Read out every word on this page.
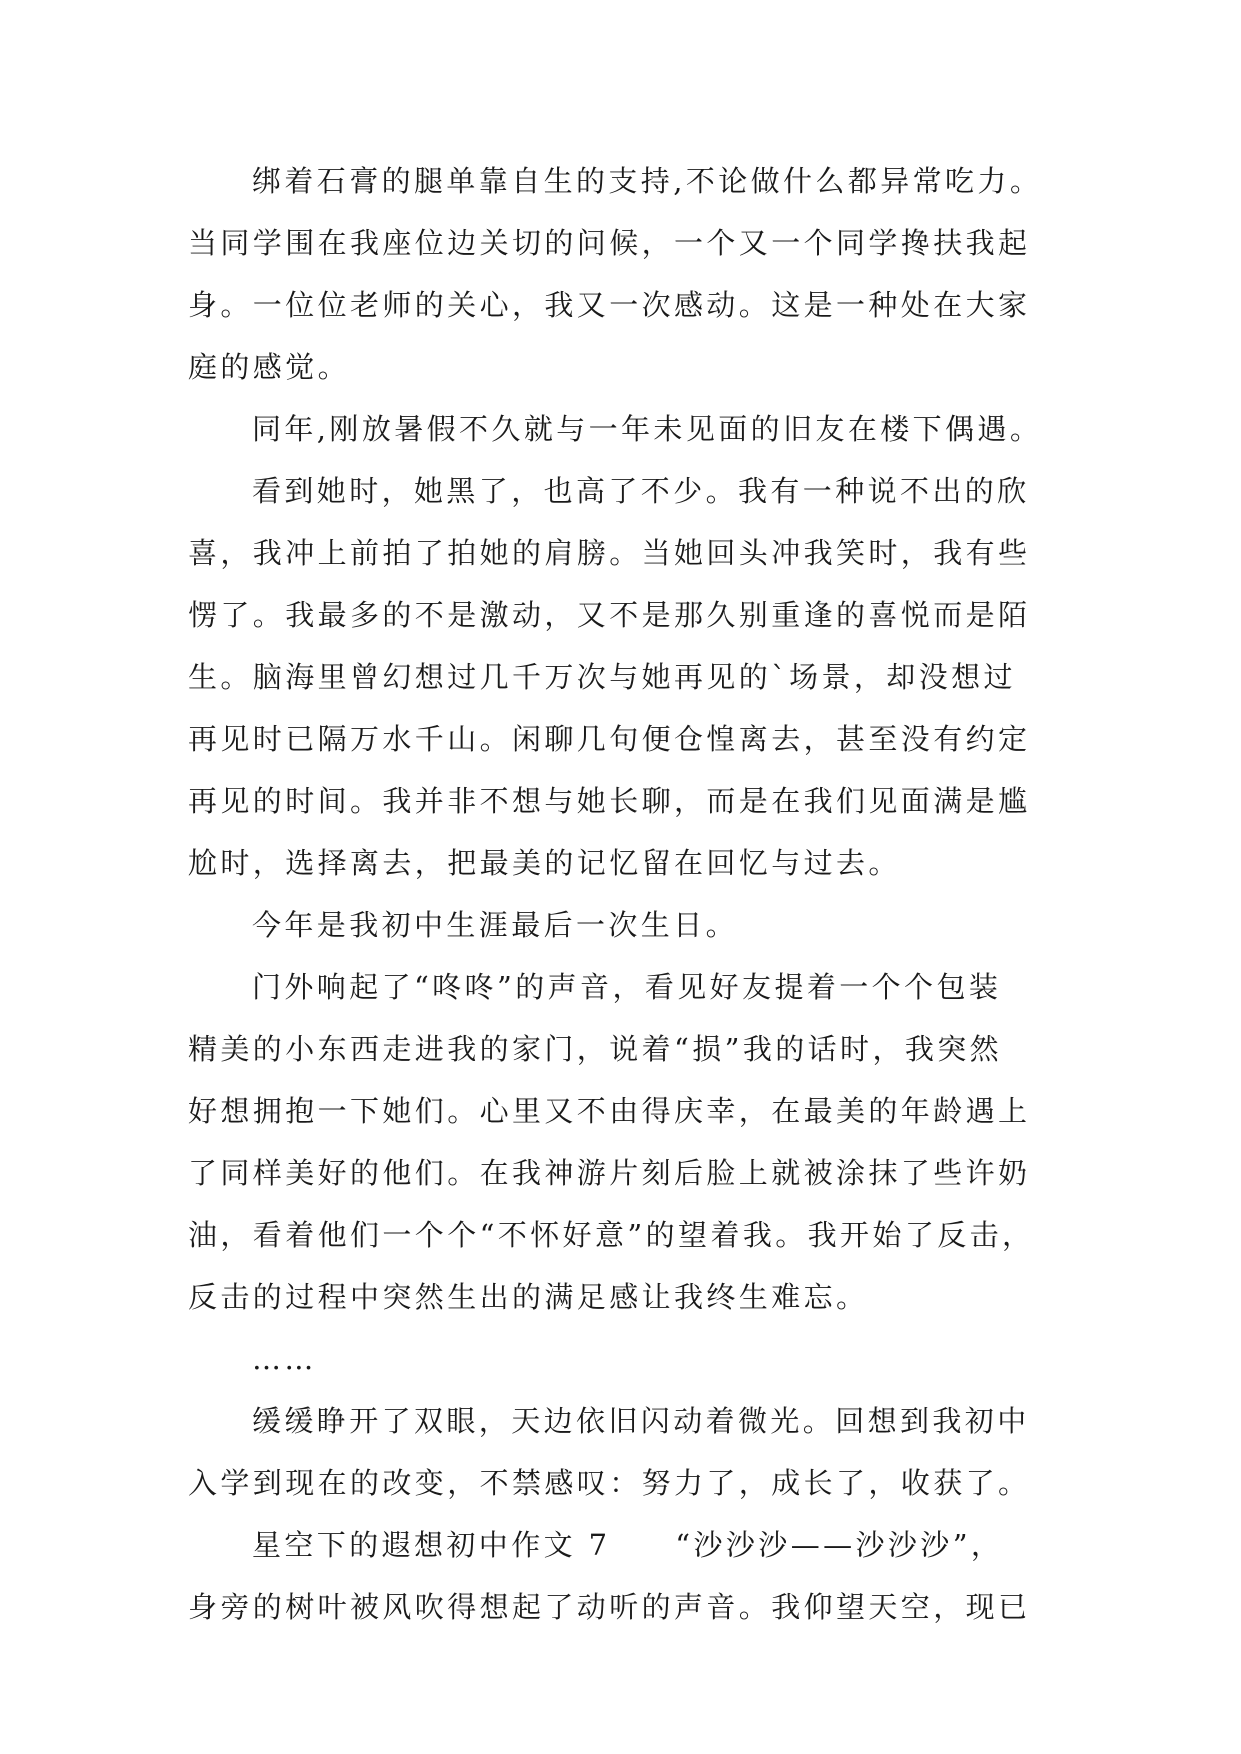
绑着石膏的腿单靠自生的支持,不论做什么都异常吃力。
当同学围在我座位边关切的问候，一个又一个同学搀扶我起
身。一位位老师的关心，我又一次感动。这是一种处在大家
庭的感觉。
同年,刚放暑假不久就与一年未见面的旧友在楼下偶遇。
看到她时，她黑了，也高了不少。我有一种说不出的欣
喜，我冲上前拍了拍她的肩膀。当她回头冲我笑时，我有些
愣了。我最多的不是激动，又不是那久别重逢的喜悦而是陌
生。脑海里曾幻想过几千万次与她再见的`场景，却没想过
再见时已隔万水千山。闲聊几句便仓惶离去，甚至没有约定
再见的时间。我并非不想与她长聊，而是在我们见面满是尴
尬时，选择离去，把最美的记忆留在回忆与过去。
今年是我初中生涯最后一次生日。
门外响起了“咚咚”的声音，看见好友提着一个个包装
精美的小东西走进我的家门，说着“损”我的话时，我突然
好想拥抱一下她们。心里又不由得庆幸，在最美的年龄遇上
了同样美好的他们。在我神游片刻后脸上就被涂抹了些许奶
油，看着他们一个个“不怀好意”的望着我。我开始了反击，
反击的过程中突然生出的满足感让我终生难忘。
……
缓缓睁开了双眼，天边依旧闪动着微光。回想到我初中
入学到现在的改变，不禁感叹：努力了，成长了，收获了。
星空下的遐想初中作文 7　　“沙沙沙——沙沙沙”，
身旁的树叶被风吹得想起了动听的声音。我仰望天空，现已
